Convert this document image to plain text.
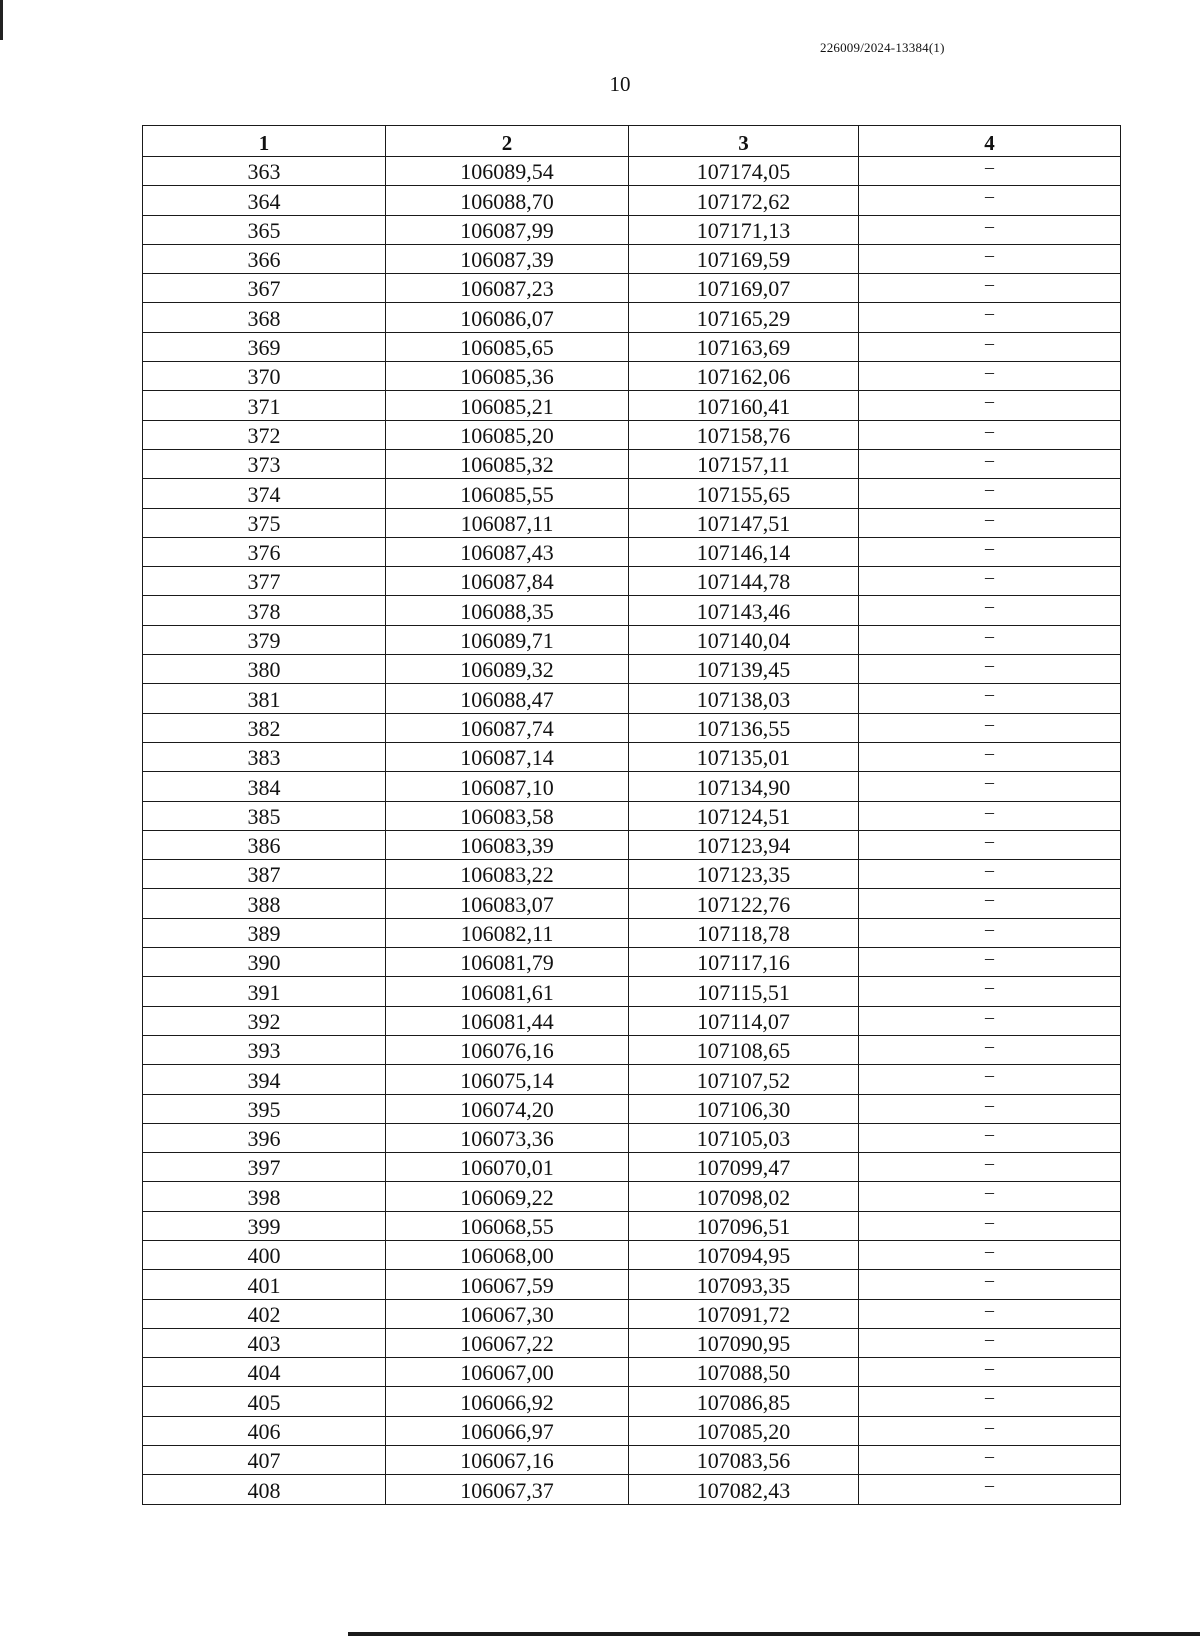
226009/2024-13384(1)
10
1	2	3	4
363	106089,54	107174,05	–
364	106088,70	107172,62	–
365	106087,99	107171,13	–
366	106087,39	107169,59	–
367	106087,23	107169,07	–
368	106086,07	107165,29	–
369	106085,65	107163,69	–
370	106085,36	107162,06	–
371	106085,21	107160,41	–
372	106085,20	107158,76	–
373	106085,32	107157,11	–
374	106085,55	107155,65	–
375	106087,11	107147,51	–
376	106087,43	107146,14	–
377	106087,84	107144,78	–
378	106088,35	107143,46	–
379	106089,71	107140,04	–
380	106089,32	107139,45	–
381	106088,47	107138,03	–
382	106087,74	107136,55	–
383	106087,14	107135,01	–
384	106087,10	107134,90	–
385	106083,58	107124,51	–
386	106083,39	107123,94	–
387	106083,22	107123,35	–
388	106083,07	107122,76	–
389	106082,11	107118,78	–
390	106081,79	107117,16	–
391	106081,61	107115,51	–
392	106081,44	107114,07	–
393	106076,16	107108,65	–
394	106075,14	107107,52	–
395	106074,20	107106,30	–
396	106073,36	107105,03	–
397	106070,01	107099,47	–
398	106069,22	107098,02	–
399	106068,55	107096,51	–
400	106068,00	107094,95	–
401	106067,59	107093,35	–
402	106067,30	107091,72	–
403	106067,22	107090,95	–
404	106067,00	107088,50	–
405	106066,92	107086,85	–
406	106066,97	107085,20	–
407	106067,16	107083,56	–
408	106067,37	107082,43	–
